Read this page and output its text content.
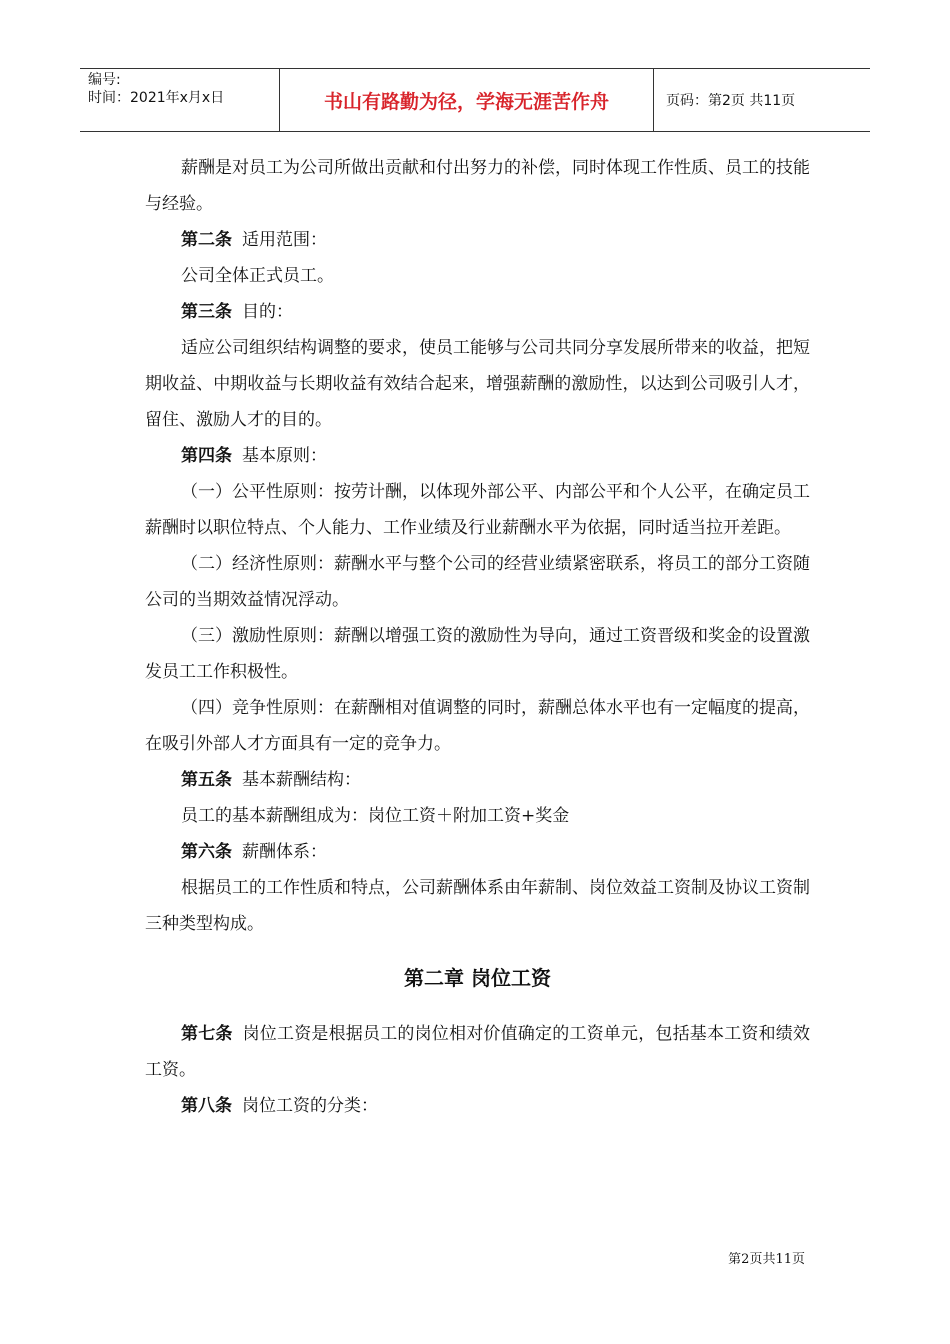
编号:
时间：2021年x月x日	书山有路勤为径，学海无涯苦作舟	页码：第2页 共11页

薪酬是对员工为公司所做出贡献和付出努力的补偿，同时体现工作性质、员工的技能与经验。

第二条 适用范围：

公司全体正式员工。

第三条 目的：

适应公司组织结构调整的要求，使员工能够与公司共同分享发展所带来的收益，把短期收益、中期收益与长期收益有效结合起来，增强薪酬的激励性，以达到公司吸引人才，留住、激励人才的目的。

第四条 基本原则：

（一）公平性原则：按劳计酬，以体现外部公平、内部公平和个人公平，在确定员工薪酬时以职位特点、个人能力、工作业绩及行业薪酬水平为依据，同时适当拉开差距。

（二）经济性原则：薪酬水平与整个公司的经营业绩紧密联系，将员工的部分工资随公司的当期效益情况浮动。

（三）激励性原则：薪酬以增强工资的激励性为导向，通过工资晋级和奖金的设置激发员工工作积极性。

（四）竞争性原则：在薪酬相对值调整的同时，薪酬总体水平也有一定幅度的提高，在吸引外部人才方面具有一定的竞争力。

第五条 基本薪酬结构：

员工的基本薪酬组成为：岗位工资＋附加工资+奖金

第六条 薪酬体系：

根据员工的工作性质和特点，公司薪酬体系由年薪制、岗位效益工资制及协议工资制三种类型构成。

第二章 岗位工资

第七条 岗位工资是根据员工的岗位相对价值确定的工资单元，包括基本工资和绩效工资。

第八条 岗位工资的分类：

第2页共11页
